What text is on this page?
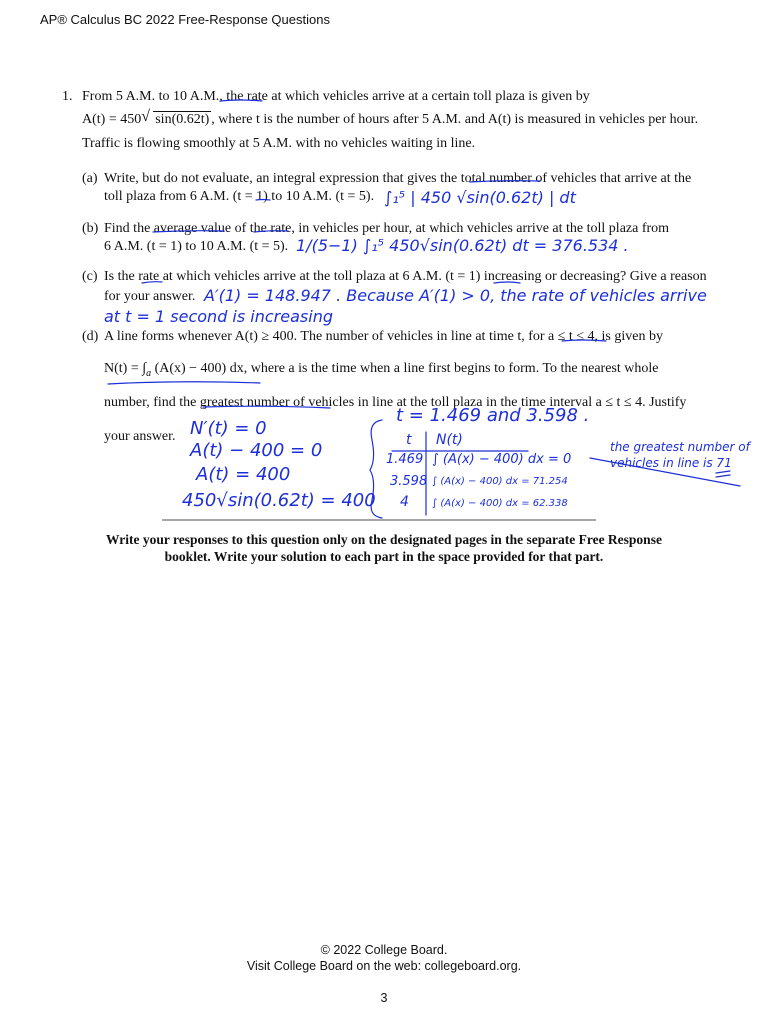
AP® Calculus BC 2022 Free-Response Questions
1. From 5 A.M. to 10 A.M., the rate at which vehicles arrive at a certain toll plaza is given by
A(t) = 450 √ sin(0.62t) , where t is the number of hours after 5 A.M. and A(t) is measured in vehicles per hour.
Traffic is flowing smoothly at 5 A.M. with no vehicles waiting in line.
(a) Write, but do not evaluate, an integral expression that gives the total number of vehicles that arrive at the
toll plaza from 6 A.M. (t = 1) to 10 A.M. (t = 5). ∫₁⁵ | 450 √sin(0.62t) | dt
(b) Find the average value of the rate, in vehicles per hour, at which vehicles arrive at the toll plaza from
6 A.M. (t = 1) to 10 A.M. (t = 5). 1/(5−1) ∫₁⁵ 450√sin(0.62t) dt = 376.534 .
(c) Is the rate at which vehicles arrive at the toll plaza at 6 A.M. (t = 1) increasing or decreasing? Give a reason
for your answer. A′(1) = 148.947 . Because A′(1) > 0, the rate of vehicles arrive
at t = 1 second is increasing
(d) A line forms whenever A(t) ≥ 400. The number of vehicles in line at time t, for a ≤ t ≤ 4, is given by
$N(t) = \int_a$ (A(x) − 400) dx, where a is the time when a line first begins to form. To the nearest whole
number, find the greatest number of vehicles in line at the toll plaza in the time interval a ≤ t ≤ 4. Justify
your answer. N′(t) = 0
A(t) − 400 = 0
A(t) = 400
450√sin(0.62t) = 400
t = 1.469 and 3.598 .
t N(t)
1.469 ∫ (A(x) − 400) dx = 0
3.598 ∫ (A(x) − 400) dx = 71.254
4 ∫ (A(x) − 400) dx = 62.338
the greatest number of
vehicles in line is 71
Write your responses to this question only on the designated pages in the separate Free Response
booklet. Write your solution to each part in the space provided for that part.
© 2022 College Board.
Visit College Board on the web: collegeboard.org.
3
